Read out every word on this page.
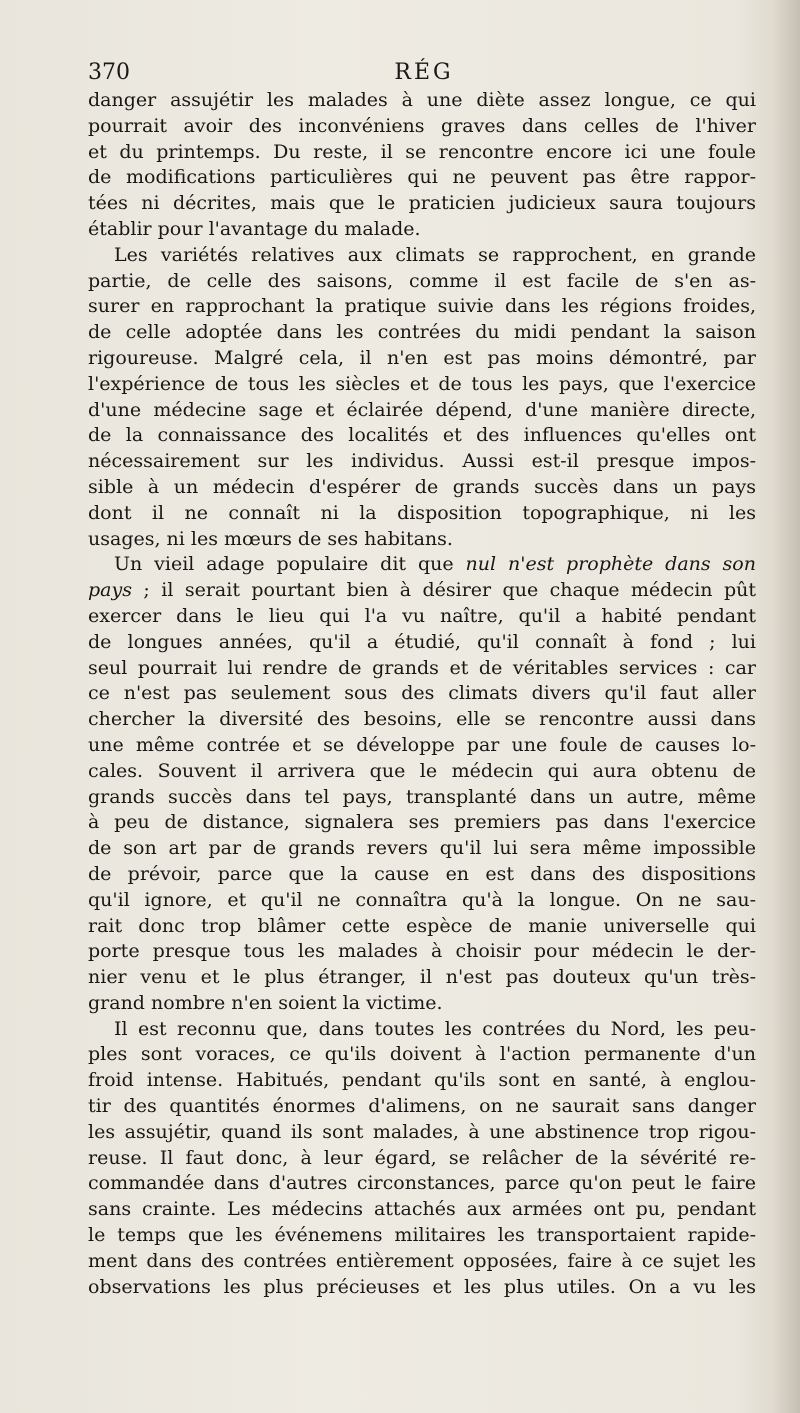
370	RÉG

danger assujétir les malades à une diète assez longue, ce qui
pourrait avoir des inconvéniens graves dans celles de l'hiver
et du printemps. Du reste, il se rencontre encore ici une foule
de modifications particulières qui ne peuvent pas être rappor-
tées ni décrites, mais que le praticien judicieux saura toujours
établir pour l'avantage du malade.

Les variétés relatives aux climats se rapprochent, en grande
partie, de celle des saisons, comme il est facile de s'en as-
surer en rapprochant la pratique suivie dans les régions froides,
de celle adoptée dans les contrées du midi pendant la saison
rigoureuse. Malgré cela, il n'en est pas moins démontré, par
l'expérience de tous les siècles et de tous les pays, que l'exercice
d'une médecine sage et éclairée dépend, d'une manière directe,
de la connaissance des localités et des influences qu'elles ont
nécessairement sur les individus. Aussi est-il presque impos-
sible à un médecin d'espérer de grands succès dans un pays
dont il ne connaît ni la disposition topographique, ni les
usages, ni les mœurs de ses habitans.

Un vieil adage populaire dit que nul n'est prophète dans son
pays ; il serait pourtant bien à désirer que chaque médecin pût
exercer dans le lieu qui l'a vu naître, qu'il a habité pendant
de longues années, qu'il a étudié, qu'il connaît à fond ; lui
seul pourrait lui rendre de grands et de véritables services : car
ce n'est pas seulement sous des climats divers qu'il faut aller
chercher la diversité des besoins, elle se rencontre aussi dans
une même contrée et se développe par une foule de causes lo-
cales. Souvent il arrivera que le médecin qui aura obtenu de
grands succès dans tel pays, transplanté dans un autre, même
à peu de distance, signalera ses premiers pas dans l'exercice
de son art par de grands revers qu'il lui sera même impossible
de prévoir, parce que la cause en est dans des dispositions
qu'il ignore, et qu'il ne connaîtra qu'à la longue. On ne sau-
rait donc trop blâmer cette espèce de manie universelle qui
porte presque tous les malades à choisir pour médecin le der-
nier venu et le plus étranger, il n'est pas douteux qu'un très-
grand nombre n'en soient la victime.

Il est reconnu que, dans toutes les contrées du Nord, les peu-
ples sont voraces, ce qu'ils doivent à l'action permanente d'un
froid intense. Habitués, pendant qu'ils sont en santé, à englou-
tir des quantités énormes d'alimens, on ne saurait sans danger
les assujétir, quand ils sont malades, à une abstinence trop rigou-
reuse. Il faut donc, à leur égard, se relâcher de la sévérité re-
commandée dans d'autres circonstances, parce qu'on peut le faire
sans crainte. Les médecins attachés aux armées ont pu, pendant
le temps que les événemens militaires les transportaient rapide-
ment dans des contrées entièrement opposées, faire à ce sujet les
observations les plus précieuses et les plus utiles. On a vu les
